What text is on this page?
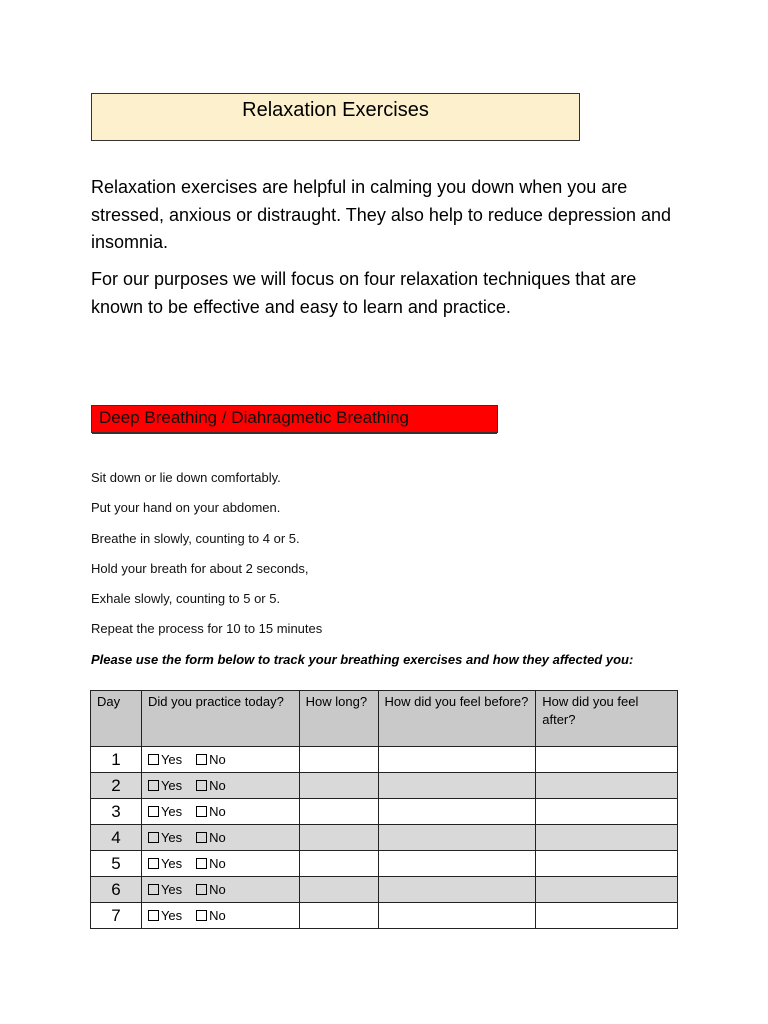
Relaxation Exercises

Relaxation exercises are helpful in calming you down when you are stressed, anxious or distraught. They also help to reduce depression and insomnia.

For our purposes we will focus on four relaxation techniques that are known to be effective and easy to learn and practice.

Deep Breathing / Diahragmetic Breathing

Sit down or lie down comfortably.

Put your hand on your abdomen.

Breathe in slowly, counting to 4 or 5.

Hold your breath for about 2 seconds,

Exhale slowly, counting to 5 or 5.

Repeat the process for 10 to 15 minutes

Please use the form below to track your breathing exercises and how they affected you:

Day	Did you practice today?	How long?	How did you feel before?	How did you feel after?
1	Yes No			
2	Yes No			
3	Yes No			
4	Yes No			
5	Yes No			
6	Yes No			
7	Yes No			
